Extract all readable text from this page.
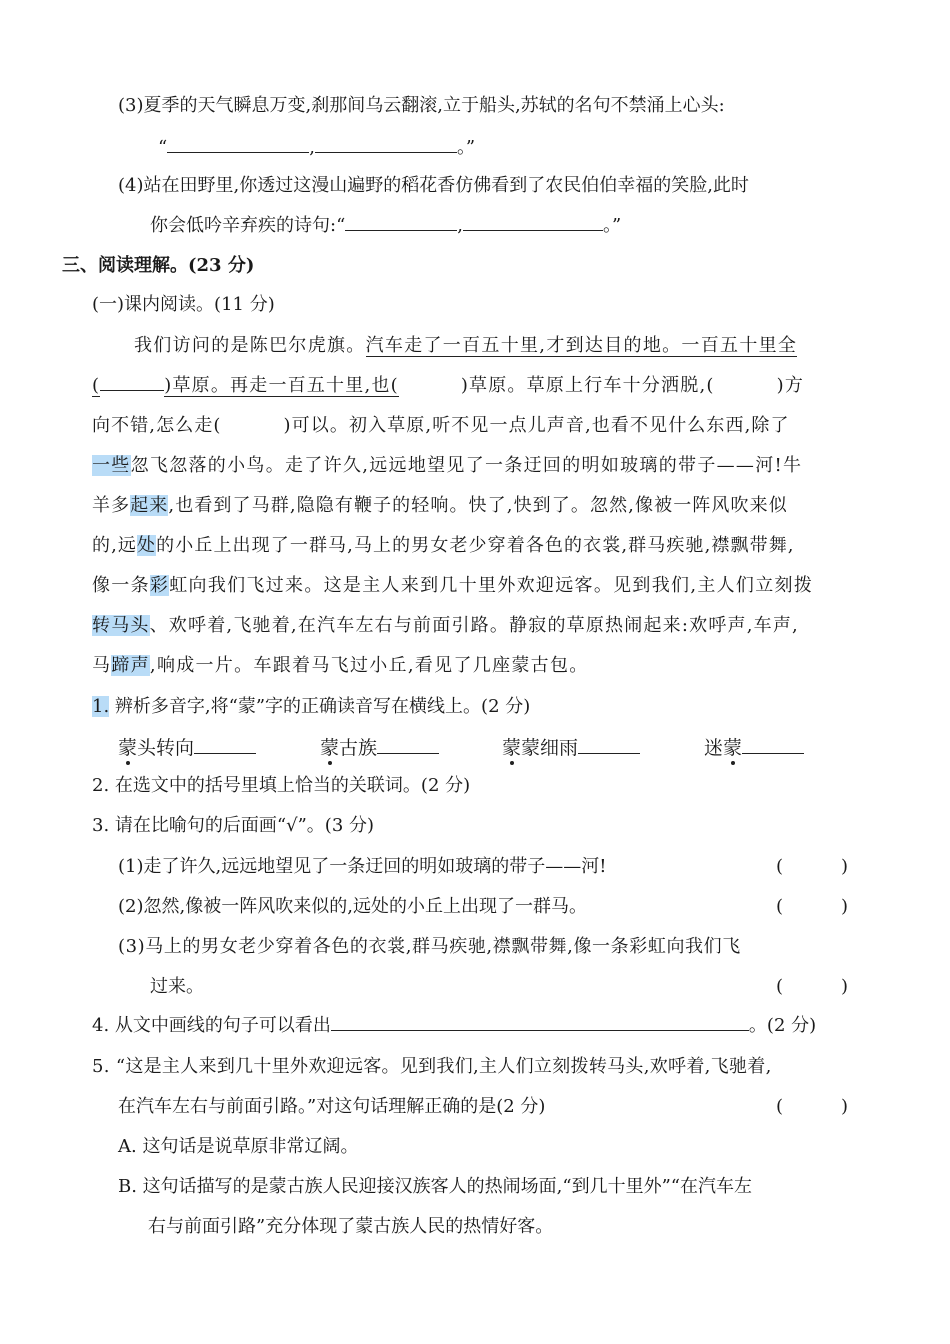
(3)夏季的天气瞬息万变,刹那间乌云翻滚,立于船头,苏轼的名句不禁涌上心头:
“	,	。”
(4)站在田野里,你透过这漫山遍野的稻花香仿佛看到了农民伯伯幸福的笑脸,此时
你会低吟辛弃疾的诗句:“	,	。”
三、阅读理解。(23 分)
(一)课内阅读。(11 分)
我们访问的是陈巴尔虎旗。汽车走了一百五十里,才到达目的地。一百五十里全
(	)草原。再走一百五十里,也(	)草原。草原上行车十分洒脱,(	)方
向不错,怎么走(	)可以。初入草原,听不见一点儿声音,也看不见什么东西,除了
一些忽飞忽落的小鸟。走了许久,远远地望见了一条迂回的明如玻璃的带子——河!牛
羊多起来,也看到了马群,隐隐有鞭子的轻响。快了,快到了。忽然,像被一阵风吹来似
的,远处的小丘上出现了一群马,马上的男女老少穿着各色的衣裳,群马疾驰,襟飘带舞,
像一条彩虹向我们飞过来。这是主人来到几十里外欢迎远客。见到我们,主人们立刻拨
转马头、欢呼着,飞驰着,在汽车左右与前面引路。静寂的草原热闹起来:欢呼声,车声,
马蹄声,响成一片。车跟着马飞过小丘,看见了几座蒙古包。
1. 辨析多音字,将“蒙”字的正确读音写在横线上。(2 分)
蒙头转向	蒙古族	蒙蒙细雨	迷蒙
2. 在选文中的括号里填上恰当的关联词。(2 分)
3. 请在比喻句的后面画“√”。(3 分)
(1)走了许久,远远地望见了一条迂回的明如玻璃的带子——河!	(	)
(2)忽然,像被一阵风吹来似的,远处的小丘上出现了一群马。	(	)
(3)马上的男女老少穿着各色的衣裳,群马疾驰,襟飘带舞,像一条彩虹向我们飞
过来。	(	)
4. 从文中画线的句子可以看出	。(2 分)
5. “这是主人来到几十里外欢迎远客。见到我们,主人们立刻拨转马头,欢呼着,飞驰着,
在汽车左右与前面引路。”对这句话理解正确的是(2 分)	(	)
A. 这句话是说草原非常辽阔。
B. 这句话描写的是蒙古族人民迎接汉族客人的热闹场面,“到几十里外”“在汽车左
右与前面引路”充分体现了蒙古族人民的热情好客。
